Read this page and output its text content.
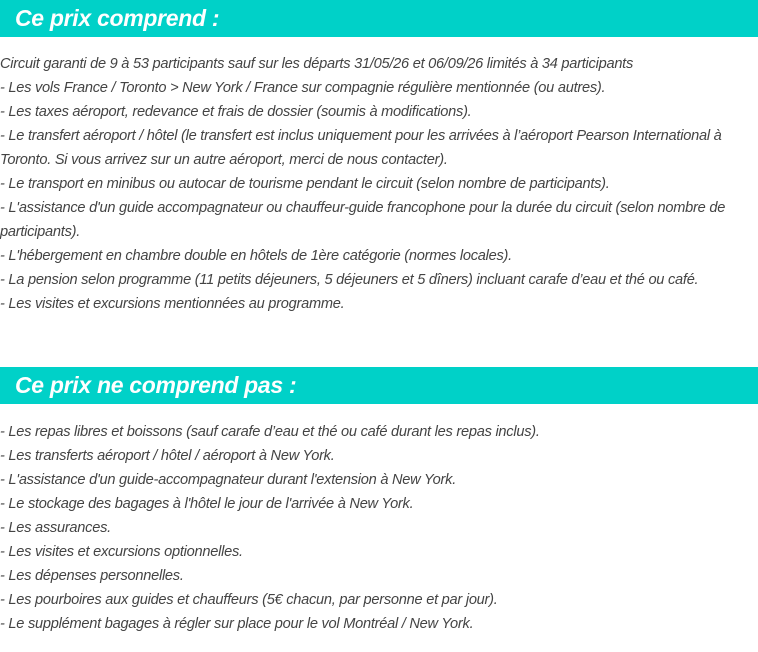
Ce prix comprend :
Circuit garanti de 9 à 53 participants sauf sur les départs 31/05/26 et 06/09/26 limités à 34 participants
- Les vols France / Toronto > New York / France sur compagnie régulière mentionnée (ou autres).
- Les taxes aéroport, redevance et frais de dossier (soumis à modifications).
- Le transfert aéroport / hôtel (le transfert est inclus uniquement pour les arrivées à l’aéroport Pearson International à Toronto. Si vous arrivez sur un autre aéroport, merci de nous contacter).
- Le transport en minibus ou autocar de tourisme pendant le circuit (selon nombre de participants).
- L'assistance d'un guide accompagnateur ou chauffeur-guide francophone pour la durée du circuit (selon nombre de participants).
- L'hébergement en chambre double en hôtels de 1ère catégorie (normes locales).
- La pension selon programme (11 petits déjeuners, 5 déjeuners et 5 dîners) incluant carafe d’eau et thé ou café.
- Les visites et excursions mentionnées au programme.
Ce prix ne comprend pas :
- Les repas libres et boissons (sauf carafe d’eau et thé ou café durant les repas inclus).
- Les transferts aéroport / hôtel / aéroport à New York.
- L'assistance d'un guide-accompagnateur durant l'extension à New York.
- Le stockage des bagages à l'hôtel le jour de l'arrivée à New York.
- Les assurances.
- Les visites et excursions optionnelles.
- Les dépenses personnelles.
- Les pourboires aux guides et chauffeurs (5€ chacun, par personne et par jour).
- Le supplément bagages à régler sur place pour le vol Montréal / New York.
